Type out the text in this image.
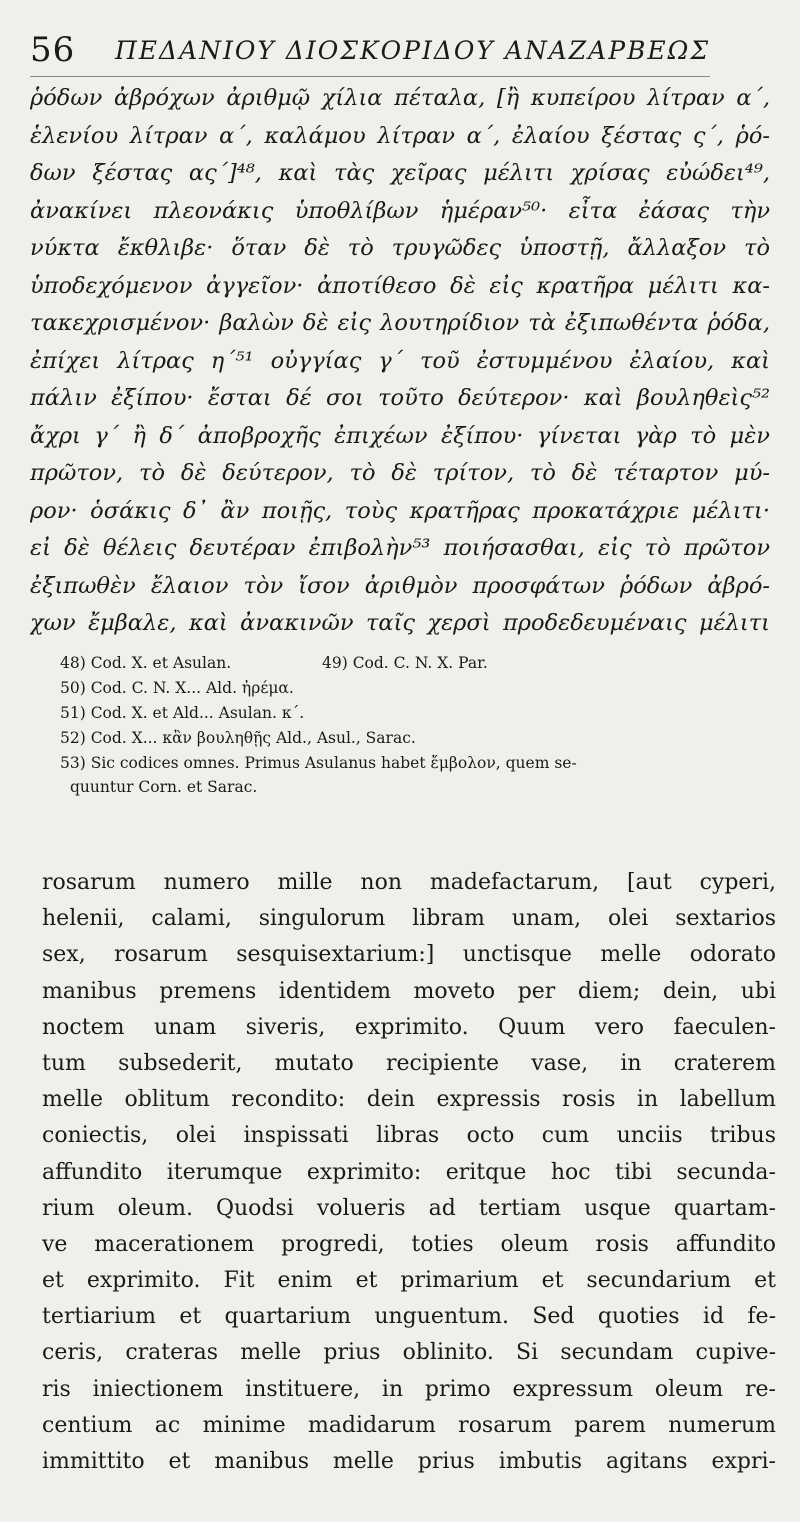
56 ΠΕΔΑΝΙΟΥ ΔΙΟΣΚΟΡΙΔΟΥ ΑΝΑΖΑΡΒΕΩΣ
ῥόδων ἀβρόχων ἀριθμῷ χίλια πέταλα, [ἢ κυπείρου λίτραν α΄,
ἑλενίου λίτραν α΄, καλάμου λίτραν α΄, ἐλαίου ξέστας ς΄, ῥό-
δων ξέστας ας΄]⁴⁸, καὶ τὰς χεῖρας μέλιτι χρίσας εὐώδει⁴⁹,
ἀνακίνει πλεονάκις ὑποθλίβων ἡμέραν⁵⁰· εἶτα ἐάσας τὴν
νύκτα ἔκθλιβε· ὅταν δὲ τὸ τρυγῶδες ὑποστῇ, ἄλλαξον τὸ
ὑποδεχόμενον ἀγγεῖον· ἀποτίθεσο δὲ εἰς κρατῆρα μέλιτι κα-
τακεχρισμένον· βαλὼν δὲ εἰς λουτηρίδιον τὰ ἐξιπωθέντα ῥόδα,
ἐπίχει λίτρας η΄⁵¹ οὐγγίας γ΄ τοῦ ἐστυμμένου ἐλαίου, καὶ
πάλιν ἐξίπου· ἔσται δέ σοι τοῦτο δεύτερον· καὶ βουληθεὶς⁵²
ἄχρι γ΄ ἢ δ΄ ἀποβροχῆς ἐπιχέων ἐξίπου· γίνεται γὰρ τὸ μὲν
πρῶτον, τὸ δὲ δεύτερον, τὸ δὲ τρίτον, τὸ δὲ τέταρτον μύ-
ρον· ὁσάκις δ᾽ ἂν ποιῇς, τοὺς κρατῆρας προκατάχριε μέλιτι·
εἰ δὲ θέλεις δευτέραν ἐπιβολὴν⁵³ ποιήσασθαι, εἰς τὸ πρῶτον
ἐξιπωθὲν ἔλαιον τὸν ἴσον ἀριθμὸν προσφάτων ῥόδων ἀβρό-
χων ἔμβαλε, καὶ ἀνακινῶν ταῖς χερσὶ προδεδευμέναις μέλιτι
48) Cod. X. et Asulan.	49) Cod. C. N. X. Par.
50) Cod. C. N. X... Ald. ἠρέμα.
51) Cod. X. et Ald... Asulan. κ΄.
52) Cod. X... κἂν βουληθῇς Ald., Asul., Sarac.
53) Sic codices omnes. Primus Asulanus habet ἔμβολον, quem se-
quuntur Corn. et Sarac.
rosarum numero mille non madefactarum, [aut cyperi,
helenii, calami, singulorum libram unam, olei sextarios
sex, rosarum sesquisextarium:] unctisque melle odorato
manibus premens identidem moveto per diem; dein, ubi
noctem unam siveris, exprimito. Quum vero faeculen-
tum subsederit, mutato recipiente vase, in craterem
melle oblitum recondito: dein expressis rosis in labellum
coniectis, olei inspissati libras octo cum unciis tribus
affundito iterumque exprimito: eritque hoc tibi secunda-
rium oleum. Quodsi volueris ad tertiam usque quartam-
ve macerationem progredi, toties oleum rosis affundito
et exprimito. Fit enim et primarium et secundarium et
tertiarium et quartarium unguentum. Sed quoties id fe-
ceris, crateras melle prius oblinito. Si secundam cupive-
ris iniectionem instituere, in primo expressum oleum re-
centium ac minime madidarum rosarum parem numerum
immittito et manibus melle prius imbutis agitans expri-
